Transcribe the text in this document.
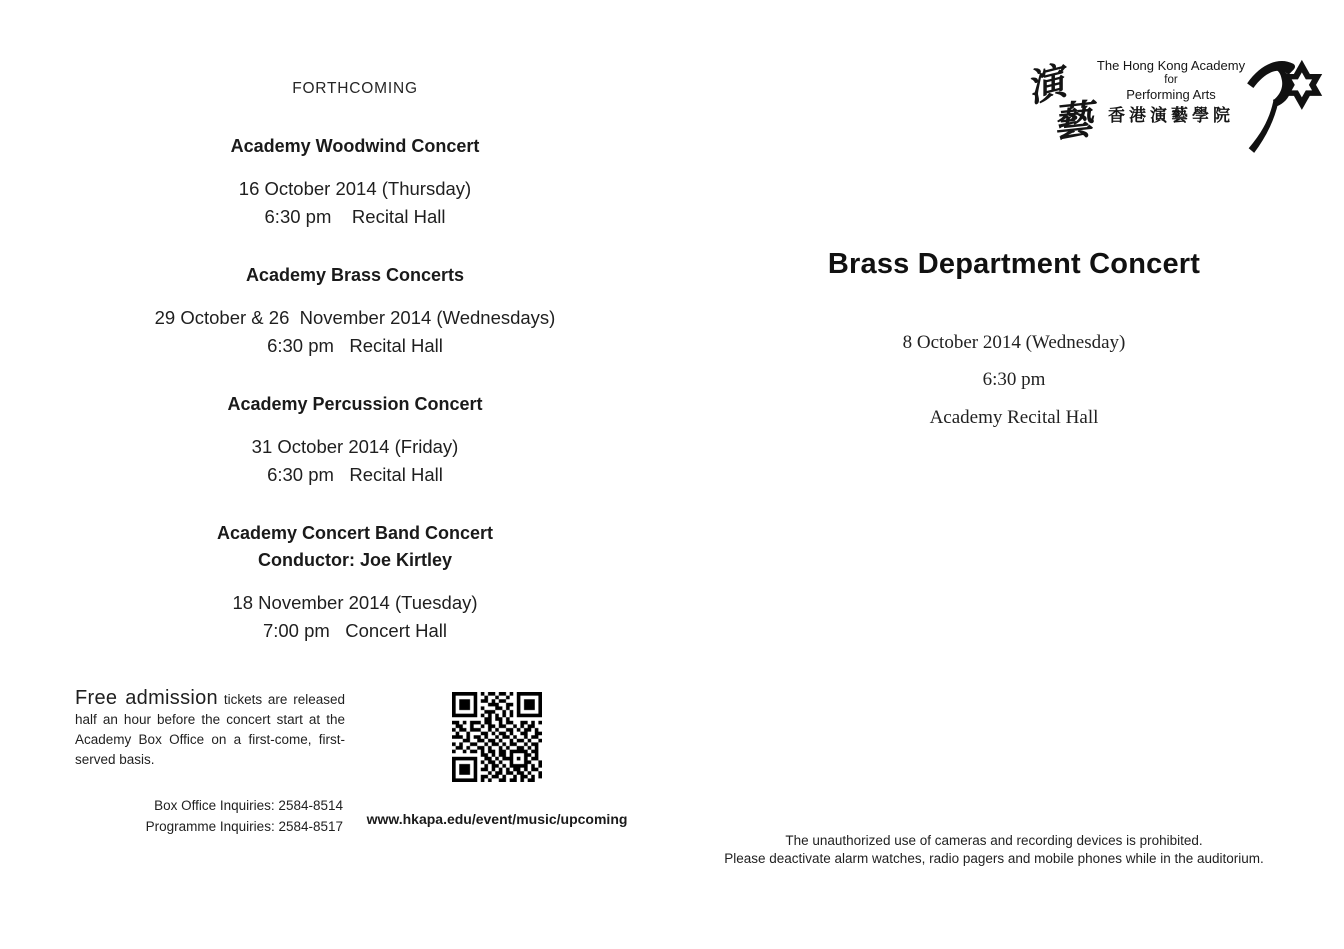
FORTHCOMING
Academy Woodwind Concert
16 October 2014 (Thursday)
6:30 pm    Recital Hall
Academy Brass Concerts
29 October & 26  November 2014 (Wednesdays)
6:30 pm   Recital Hall
Academy Percussion Concert
31 October 2014 (Friday)
6:30 pm   Recital Hall
Academy Concert Band Concert
Conductor: Joe Kirtley
18 November 2014 (Tuesday)
7:00 pm   Concert Hall

Free admission tickets are released half an hour before the concert start at the Academy Box Office on a first-come, first-served basis.

Box Office Inquiries: 2584-8514
Programme Inquiries: 2584-8517	www.hkapa.edu/event/music/upcoming
Brass Department Concert
8 October 2014 (Wednesday)
6:30 pm
Academy Recital Hall
The unauthorized use of cameras and recording devices is prohibited.
Please deactivate alarm watches, radio pagers and mobile phones while in the auditorium.
演
藝
The Hong Kong Academy
for
Performing Arts
香港演藝學院
